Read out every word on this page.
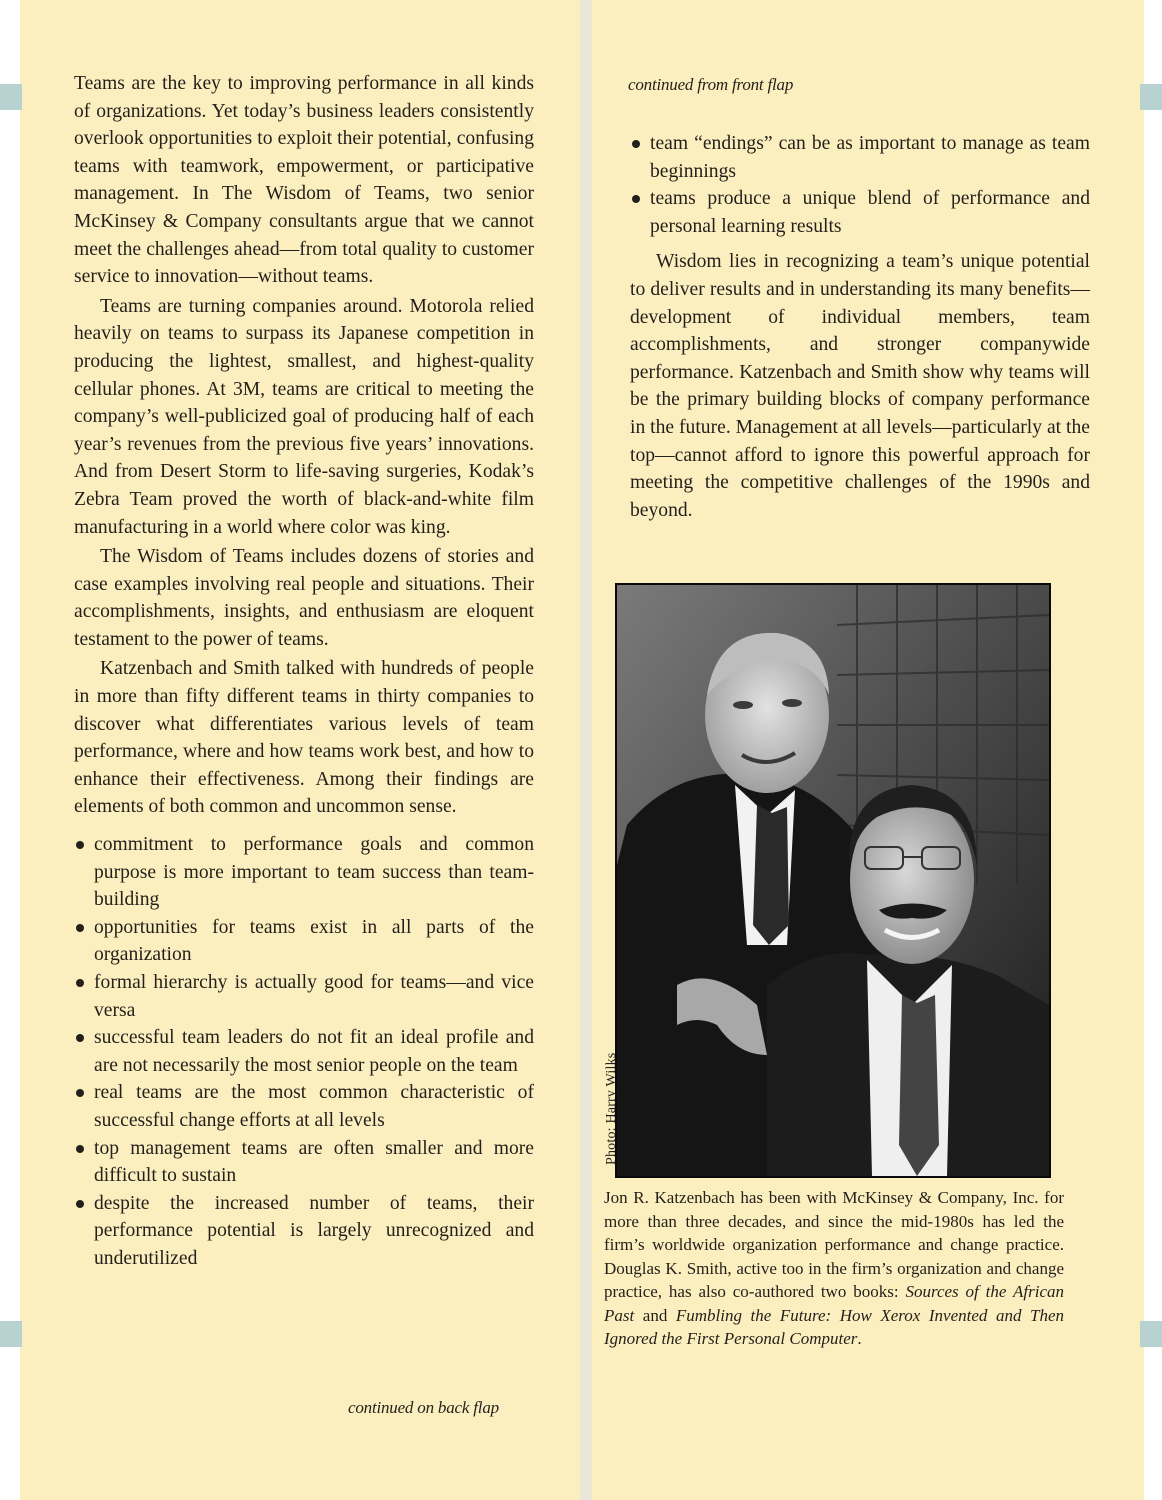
Teams are the key to improving performance in all kinds of organizations. Yet today’s business leaders consistently overlook opportunities to exploit their potential, confusing teams with teamwork, empowerment, or participative management. In The Wisdom of Teams, two senior McKinsey & Company consultants argue that we cannot meet the challenges ahead—from total quality to customer service to innovation—without teams.

Teams are turning companies around. Motorola relied heavily on teams to surpass its Japanese competition in producing the lightest, smallest, and highest-quality cellular phones. At 3M, teams are critical to meeting the company’s well-publicized goal of producing half of each year’s revenues from the previous five years’ innovations. And from Desert Storm to life-saving surgeries, Kodak’s Zebra Team proved the worth of black-and-white film manufacturing in a world where color was king.

The Wisdom of Teams includes dozens of stories and case examples involving real people and situations. Their accomplishments, insights, and enthusiasm are eloquent testament to the power of teams.

Katzenbach and Smith talked with hundreds of people in more than fifty different teams in thirty companies to discover what differentiates various levels of team performance, where and how teams work best, and how to enhance their effectiveness. Among their findings are elements of both common and uncommon sense.

commitment to performance goals and common purpose is more important to team success than team-building
opportunities for teams exist in all parts of the organization
formal hierarchy is actually good for teams—and vice versa
successful team leaders do not fit an ideal profile and are not necessarily the most senior people on the team
real teams are the most common characteristic of successful change efforts at all levels
top management teams are often smaller and more difficult to sustain
despite the increased number of teams, their performance potential is largely unrecognized and underutilized
continued on back flap
continued from front flap
team “endings” can be as important to manage as team beginnings
teams produce a unique blend of performance and personal learning results

Wisdom lies in recognizing a team’s unique potential to deliver results and in understanding its many benefits—development of individual members, team accomplishments, and stronger companywide performance. Katzenbach and Smith show why teams will be the primary building blocks of company performance in the future. Management at all levels—particularly at the top—cannot afford to ignore this powerful approach for meeting the competitive challenges of the 1990s and beyond.

Photo: Harry Wilks
Jon R. Katzenbach has been with McKinsey & Company, Inc. for more than three decades, and since the mid-1980s has led the firm’s worldwide organization performance and change practice. Douglas K. Smith, active too in the firm’s organization and change practice, has also co-authored two books: Sources of the African Past and Fumbling the Future: How Xerox Invented and Then Ignored the First Personal Computer.
